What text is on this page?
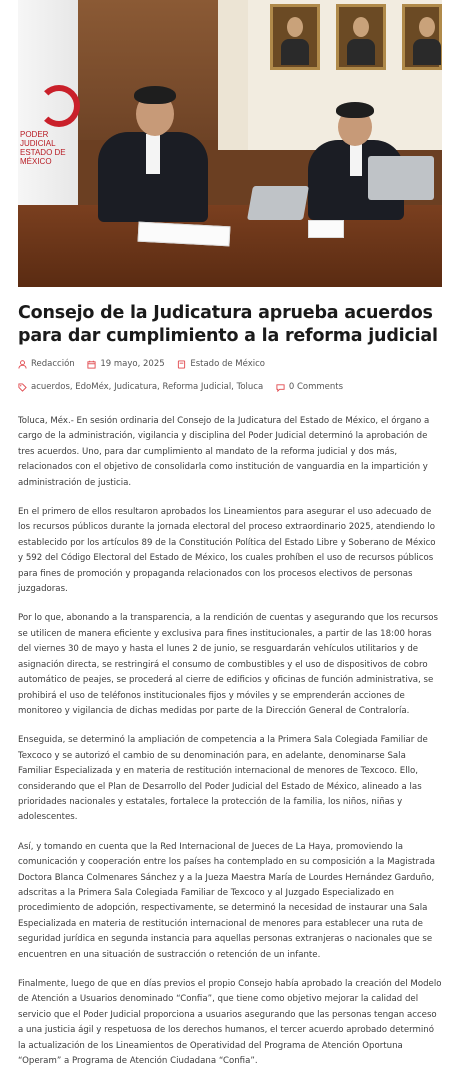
PODER JUDICIAL
ESTADO DE MÉXICO
Consejo de la Judicatura aprueba acuerdos para dar cumplimiento a la reforma judicial
Redacción
	19 mayo, 2025
	Estado de México
acuerdos, EdoMéx, Judicatura, Reforma Judicial, Toluca
	0 Comments

Toluca, Méx.- En sesión ordinaria del Consejo de la Judicatura del Estado de México, el órgano a cargo de la administración, vigilancia y disciplina del Poder Judicial determinó la aprobación de tres acuerdos. Uno, para dar cumplimiento al mandato de la reforma judicial y dos más, relacionados con el objetivo de consolidarla como institución de vanguardia en la impartición y administración de justicia.

En el primero de ellos resultaron aprobados los Lineamientos para asegurar el uso adecuado de los recursos públicos durante la jornada electoral del proceso extraordinario 2025, atendiendo lo establecido por los artículos 89 de la Constitución Política del Estado Libre y Soberano de México y 592 del Código Electoral del Estado de México, los cuales prohíben el uso de recursos públicos para fines de promoción y propaganda relacionados con los procesos electivos de personas juzgadoras.

Por lo que, abonando a la transparencia, a la rendición de cuentas y asegurando que los recursos se utilicen de manera eficiente y exclusiva para fines institucionales, a partir de las 18:00 horas del viernes 30 de mayo y hasta el lunes 2 de junio, se resguardarán vehículos utilitarios y de asignación directa, se restringirá el consumo de combustibles y el uso de dispositivos de cobro automático de peajes, se procederá al cierre de edificios y oficinas de función administrativa, se prohibirá el uso de teléfonos institucionales fijos y móviles y se emprenderán acciones de monitoreo y vigilancia de dichas medidas por parte de la Dirección General de Contraloría.

Enseguida, se determinó la ampliación de competencia a la Primera Sala Colegiada Familiar de Texcoco y se autorizó el cambio de su denominación para, en adelante, denominarse Sala Familiar Especializada y en materia de restitución internacional de menores de Texcoco. Ello, considerando que el Plan de Desarrollo del Poder Judicial del Estado de México, alineado a las prioridades nacionales y estatales, fortalece la protección de la familia, los niños, niñas y adolescentes.

Así, y tomando en cuenta que la Red Internacional de Jueces de La Haya, promoviendo la comunicación y cooperación entre los países ha contemplado en su composición a la Magistrada Doctora Blanca Colmenares Sánchez y a la Jueza Maestra María de Lourdes Hernández Garduño, adscritas a la Primera Sala Colegiada Familiar de Texcoco y al Juzgado Especializado en procedimiento de adopción, respectivamente, se determinó la necesidad de instaurar una Sala Especializada en materia de restitución internacional de menores para establecer una ruta de seguridad jurídica en segunda instancia para aquellas personas extranjeras o nacionales que se encuentren en una situación de sustracción o retención de un infante.

Finalmente, luego de que en días previos el propio Consejo había aprobado la creación del Modelo de Atención a Usuarios denominado “Confia”, que tiene como objetivo mejorar la calidad del servicio que el Poder Judicial proporciona a usuarios asegurando que las personas tengan acceso a una justicia ágil y respetuosa de los derechos humanos, el tercer acuerdo aprobado determinó la actualización de los Lineamientos de Operatividad del Programa de Atención Oportuna “Operam” a Programa de Atención Ciudadana “Confia”.
